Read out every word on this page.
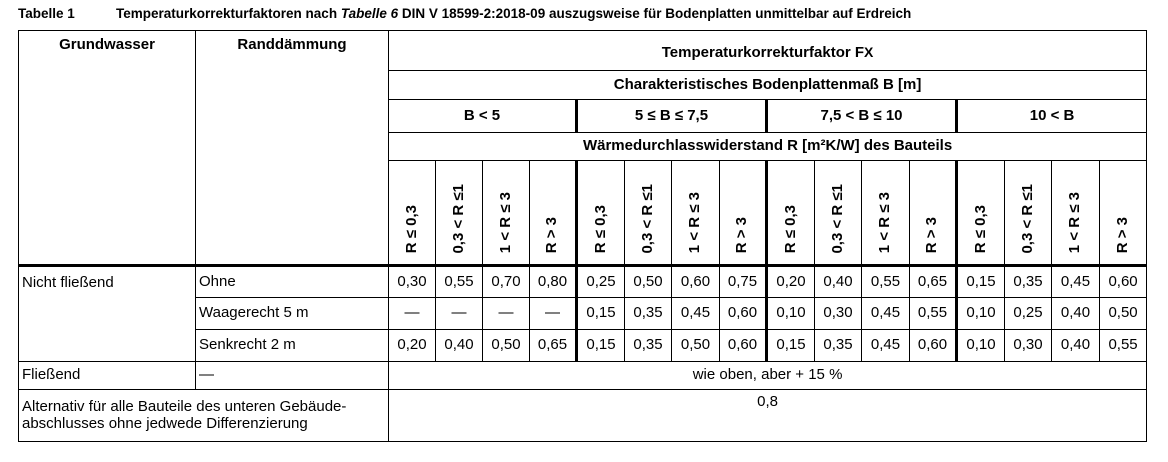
Tabelle 1	Temperaturkorrekturfaktoren nach Tabelle 6 DIN V 18599-2:2018-09 auszugsweise für Bodenplatten unmittelbar auf Erdreich
Grundwasser	Randdämmung	Temperaturkorrekturfaktor FX															
		Charakteristisches Bodenplattenmaß B [m]															
		B < 5				5 ≤ B ≤ 7,5				7,5 < B ≤ 10				10 < B			
		Wärmedurchlasswiderstand R [m²K/W] des Bauteils															
		R ≤ 0,3	0,3 < R ≤1	1 < R ≤ 3	R > 3	R ≤ 0,3	0,3 < R ≤1	1 < R ≤ 3	R > 3	R ≤ 0,3	0,3 < R ≤1	1 < R ≤ 3	R > 3	R ≤ 0,3	0,3 < R ≤1	1 < R ≤ 3	R > 3
Nicht fließend	Ohne	0,30	0,55	0,70	0,80	0,25	0,50	0,60	0,75	0,20	0,40	0,55	0,65	0,15	0,35	0,45	0,60
	Waagerecht 5 m	—	—	—	—	0,15	0,35	0,45	0,60	0,10	0,30	0,45	0,55	0,10	0,25	0,40	0,50
	Senkrecht 2 m	0,20	0,40	0,50	0,65	0,15	0,35	0,50	0,60	0,15	0,35	0,45	0,60	0,10	0,30	0,40	0,55
Fließend	—	wie oben, aber + 15 %															
Alternativ für alle Bauteile des unteren Gebäude-
abschlusses ohne jedwede Differenzierung		0,8															
